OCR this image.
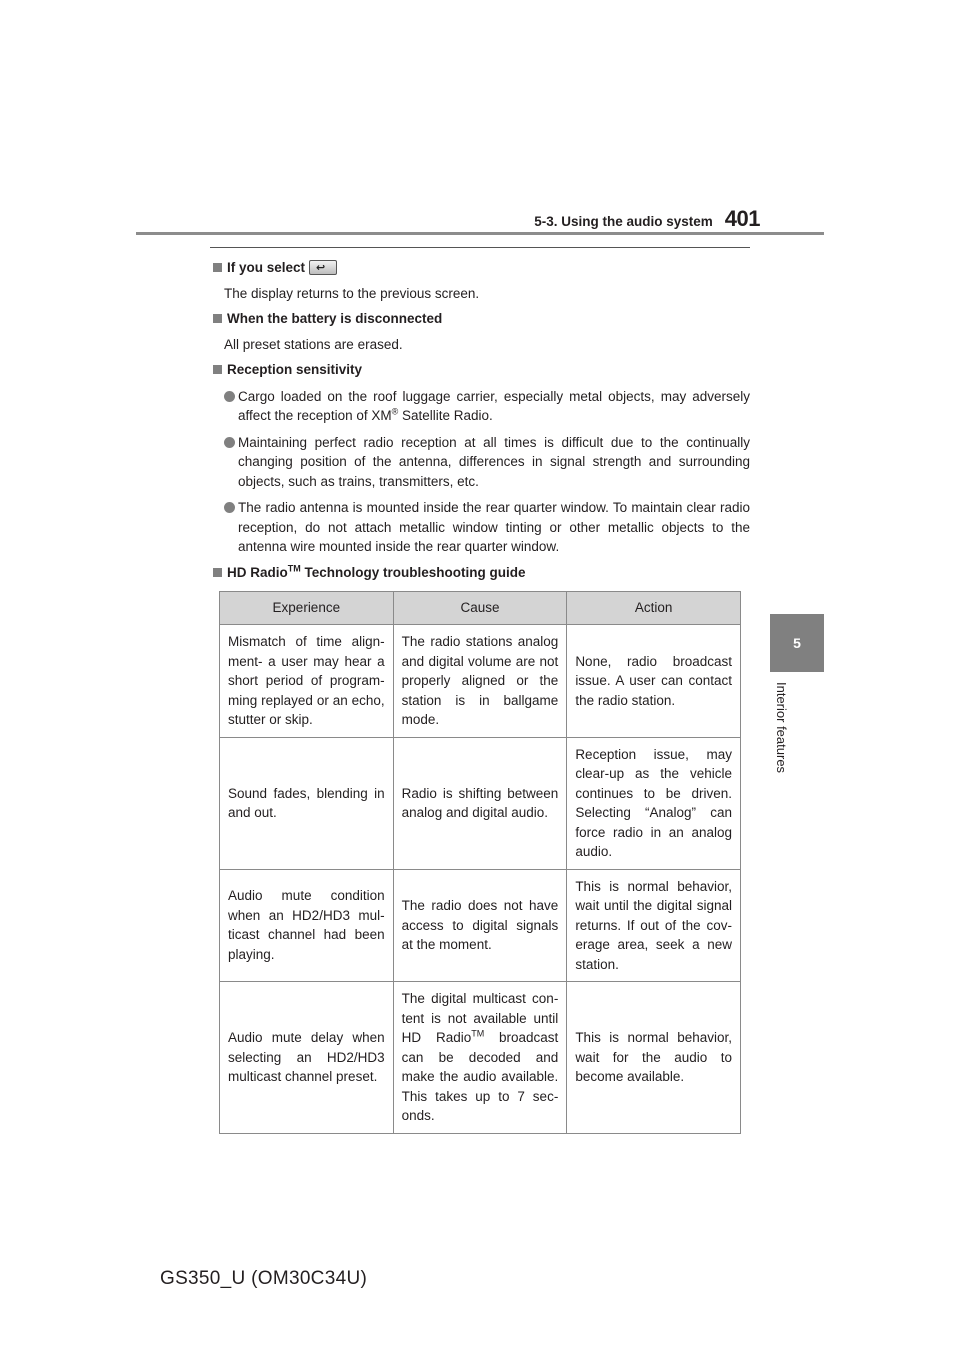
5-3. Using the audio system 401
5
Interior features
If you select ↩
The display returns to the previous screen.
When the battery is disconnected
All preset stations are erased.
Reception sensitivity
Cargo loaded on the roof luggage carrier, especially metal objects, may adversely affect the reception of XM® Satellite Radio.
Maintaining perfect radio reception at all times is difficult due to the continually changing position of the antenna, differences in signal strength and surrounding objects, such as trains, transmitters, etc.
The radio antenna is mounted inside the rear quarter window. To maintain clear radio reception, do not attach metallic window tinting or other metallic objects to the antenna wire mounted inside the rear quarter window.
HD Radio™ Technology troubleshooting guide
Experience	Cause	Action
Mismatch of time align-ment- a user may hear a short period of program-ming replayed or an echo, stutter or skip.	The radio stations analog and digital volume are not properly aligned or the station is in ballgame mode.	None, radio broadcast issue. A user can contact the radio station.
Sound fades, blending in and out.	Radio is shifting between analog and digital audio.	Reception issue, may clear-up as the vehicle continues to be driven. Selecting “Analog” can force radio in an analog audio.
Audio mute condition when an HD2/HD3 mul-ticast channel had been playing.	The radio does not have access to digital signals at the moment.	This is normal behavior, wait until the digital signal returns. If out of the cov-erage area, seek a new station.
Audio mute delay when selecting an HD2/HD3 multicast channel preset.	The digital multicast con-tent is not available until HD Radio™ broadcast can be decoded and make the audio available. This takes up to 7 sec-onds.	This is normal behavior, wait for the audio to become available.
GS350_U (OM30C34U)
